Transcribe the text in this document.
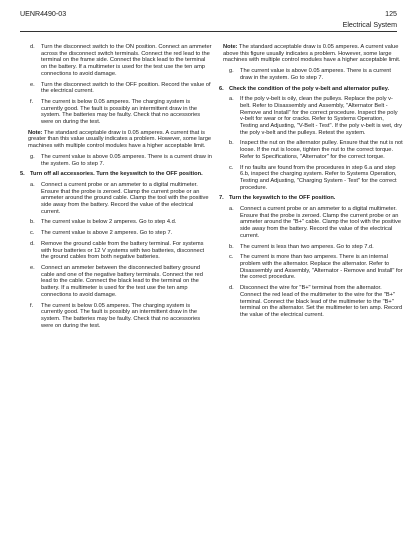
UENR4490-03	125
Electrical System
d. Turn the disconnect switch to the ON position. Connect an ammeter across the disconnect switch terminals. Connect the red lead to the terminal on the frame side. Connect the black lead to the terminal on the battery. If a multimeter is used for the test use the ten amp connections to avoid damage.
e. Turn the disconnect switch to the OFF position. Record the value of the electrical current.
f. The current is below 0.05 amperes. The charging system is currently good. The fault is possibly an intermittent draw in the system. The batteries may be faulty. Check that no accessories were on during the test.
Note: The standard acceptable draw is 0.05 amperes. A current that is greater than this value usually indicates a problem. However, some large machines with multiple control modules have a higher acceptable limit.
g. The current value is above 0.05 amperes. There is a current draw in the system. Go to step 7.
5. Turn off all accessories. Turn the keyswitch to the OFF position.
a. Connect a current probe or an ammeter to a digital multimeter. Ensure that the probe is zeroed. Clamp the current probe or an ammeter around the ground cable. Clamp the tool with the positive side away from the battery. Record the value of the electrical current.
b. The current value is below 2 amperes. Go to step 4.d.
c. The current value is above 2 amperes. Go to step 7.
d. Remove the ground cable from the battery terminal. For systems with four batteries or 12 V systems with two batteries, disconnect the ground cables from both negative batteries.
e. Connect an ammeter between the disconnected battery ground cable and one of the negative battery terminals. Connect the red lead to the cable. Connect the black lead to the terminal on the battery. If a multimeter is used for the test use the ten amp connections to avoid damage.
f. The current is below 0.05 amperes. The charging system is currently good. The fault is possibly an intermittent draw in the system. The batteries may be faulty. Check that no accessories were on during the test.
Note: The standard acceptable draw is 0.05 amperes. A current value above this figure usually indicates a problem. However, some large machines with multiple control modules have a higher acceptable limit.
g. The current value is above 0.05 amperes. There is a current draw in the system. Go to step 7.
6. Check the condition of the poly v-belt and alternator pulley.
a. If the poly v-belt is oily, clean the pulleys. Replace the poly v-belt. Refer to Disassembly and Assembly, "Alternator Belt - Remove and Install" for the correct procedure. Inspect the poly v-belt for wear or for cracks. Refer to Systems Operation, Testing and Adjusting, "V-Belt - Test". If the poly v-belt is wet, dry the poly v-belt and the pulleys. Retest the system.
b. Inspect the nut on the alternator pulley. Ensure that the nut is not loose. If the nut is loose, tighten the nut to the correct torque. Refer to Specifications, "Alternator" for the correct torque.
c. If no faults are found from the procedures in step 6.a and step 6.b, inspect the charging system. Refer to Systems Operation, Testing and Adjusting, "Charging System - Test" for the correct procedure.
7. Turn the keyswitch to the OFF position.
a. Connect a current probe or an ammeter to a digital multimeter. Ensure that the probe is zeroed. Clamp the current probe or an ammeter around the "B+" cable. Clamp the tool with the positive side away from the battery. Record the value of the electrical current.
b. The current is less than two amperes. Go to step 7.d.
c. The current is more than two amperes. There is an internal problem with the alternator. Replace the alternator. Refer to Disassembly and Assembly, "Alternator - Remove and Install" for the correct procedure.
d. Disconnect the wire for "B+" terminal from the alternator. Connect the red lead of the multimeter to the wire for the "B+" terminal. Connect the black lead of the multimeter to the "B+" terminal on the alternator. Set the multimeter to ten amp. Record the value of the electrical current.
